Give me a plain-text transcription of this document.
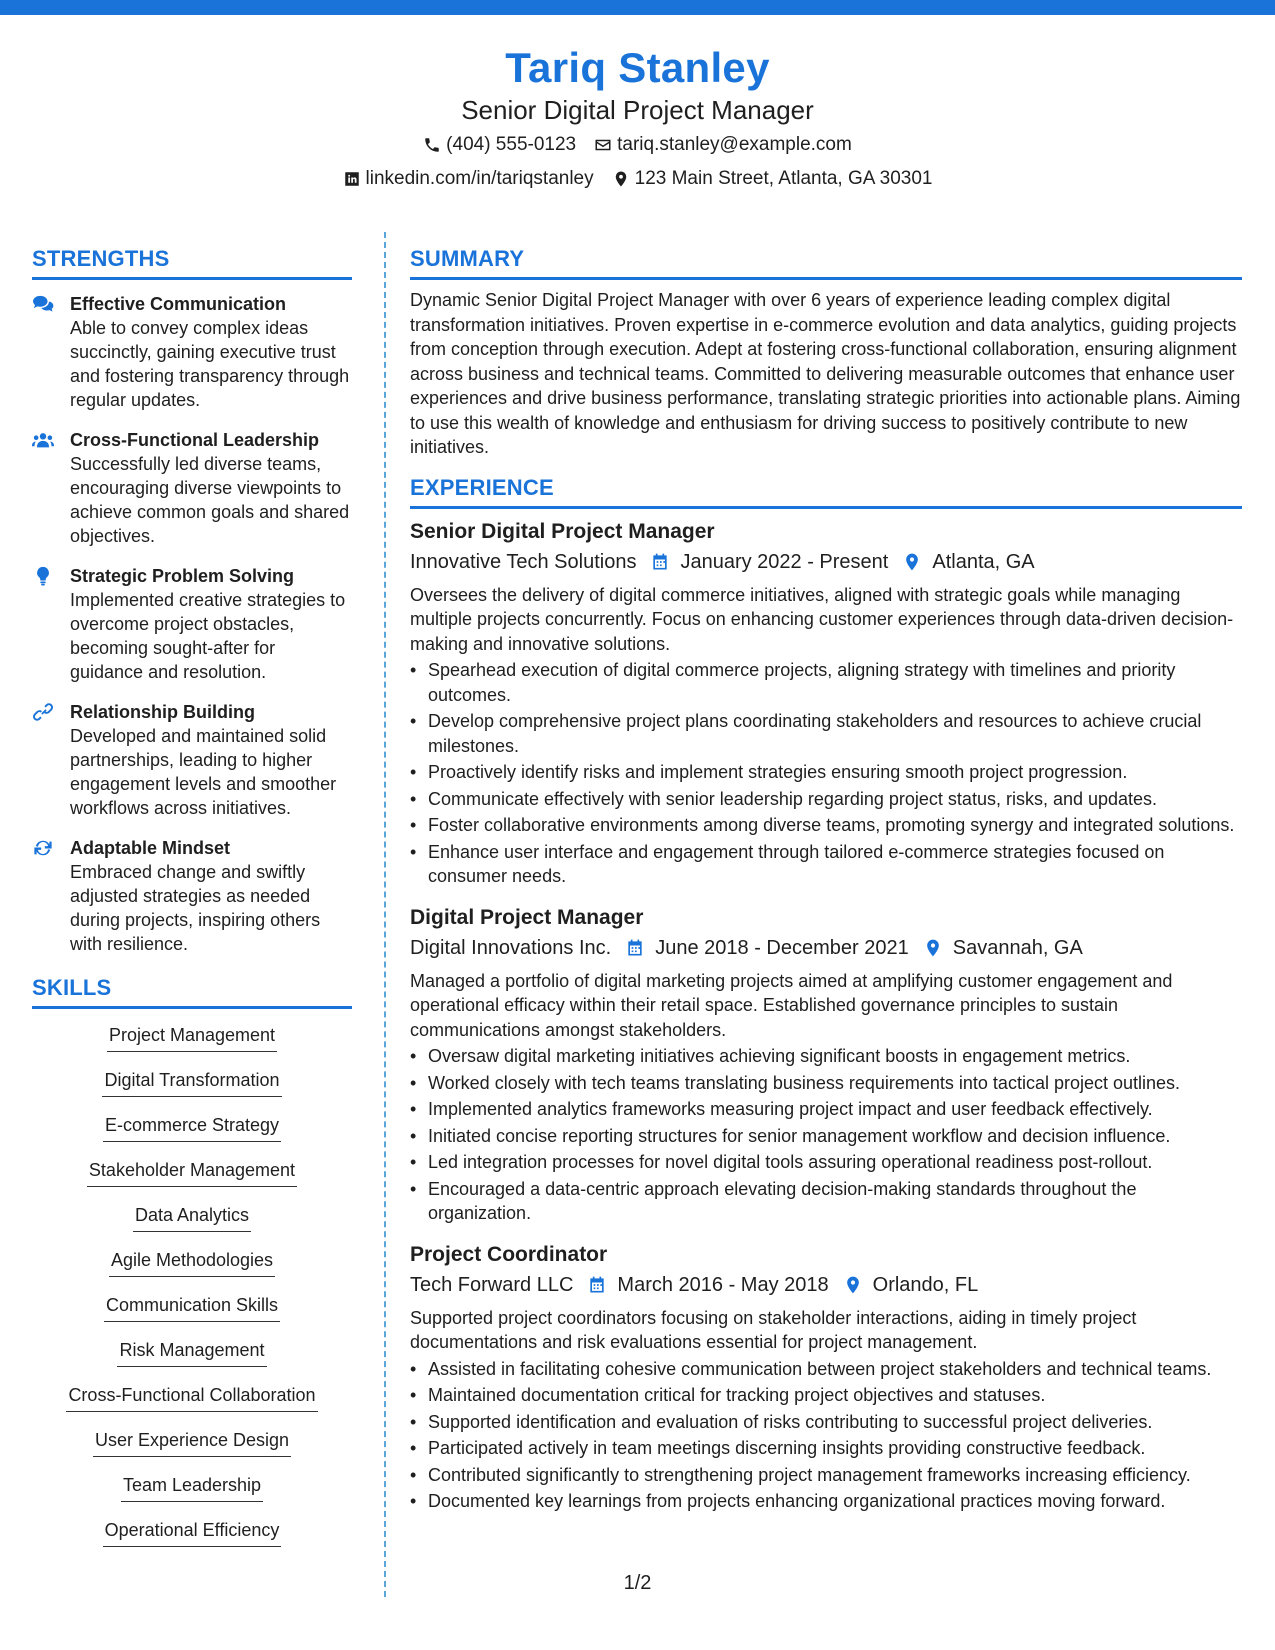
Tariq Stanley
Senior Digital Project Manager
(404) 555-0123 tariq.stanley@example.com
linkedin.com/in/tariqstanley 123 Main Street, Atlanta, GA 30301
STRENGTHS
Effective Communication
Able to convey complex ideas succinctly, gaining executive trust and fostering transparency through regular updates.
Cross-Functional Leadership
Successfully led diverse teams, encouraging diverse viewpoints to achieve common goals and shared objectives.
Strategic Problem Solving
Implemented creative strategies to overcome project obstacles, becoming sought-after for guidance and resolution.
Relationship Building
Developed and maintained solid partnerships, leading to higher engagement levels and smoother workflows across initiatives.
Adaptable Mindset
Embraced change and swiftly adjusted strategies as needed during projects, inspiring others with resilience.
SKILLS
Project Management
Digital Transformation
E-commerce Strategy
Stakeholder Management
Data Analytics
Agile Methodologies
Communication Skills
Risk Management
Cross-Functional Collaboration
User Experience Design
Team Leadership
Operational Efficiency
SUMMARY
Dynamic Senior Digital Project Manager with over 6 years of experience leading complex digital transformation initiatives. Proven expertise in e-commerce evolution and data analytics, guiding projects from conception through execution. Adept at fostering cross-functional collaboration, ensuring alignment across business and technical teams. Committed to delivering measurable outcomes that enhance user experiences and drive business performance, translating strategic priorities into actionable plans. Aiming to use this wealth of knowledge and enthusiasm for driving success to positively contribute to new initiatives.
EXPERIENCE
Senior Digital Project Manager
Innovative Tech Solutions January 2022 - Present Atlanta, GA
Oversees the delivery of digital commerce initiatives, aligned with strategic goals while managing multiple projects concurrently. Focus on enhancing customer experiences through data-driven decision-making and innovative solutions.
• Spearhead execution of digital commerce projects, aligning strategy with timelines and priority outcomes.
• Develop comprehensive project plans coordinating stakeholders and resources to achieve crucial milestones.
• Proactively identify risks and implement strategies ensuring smooth project progression.
• Communicate effectively with senior leadership regarding project status, risks, and updates.
• Foster collaborative environments among diverse teams, promoting synergy and integrated solutions.
• Enhance user interface and engagement through tailored e-commerce strategies focused on consumer needs.
Digital Project Manager
Digital Innovations Inc. June 2018 - December 2021 Savannah, GA
Managed a portfolio of digital marketing projects aimed at amplifying customer engagement and operational efficacy within their retail space. Established governance principles to sustain communications amongst stakeholders.
• Oversaw digital marketing initiatives achieving significant boosts in engagement metrics.
• Worked closely with tech teams translating business requirements into tactical project outlines.
• Implemented analytics frameworks measuring project impact and user feedback effectively.
• Initiated concise reporting structures for senior management workflow and decision influence.
• Led integration processes for novel digital tools assuring operational readiness post-rollout.
• Encouraged a data-centric approach elevating decision-making standards throughout the organization.
Project Coordinator
Tech Forward LLC March 2016 - May 2018 Orlando, FL
Supported project coordinators focusing on stakeholder interactions, aiding in timely project documentations and risk evaluations essential for project management.
• Assisted in facilitating cohesive communication between project stakeholders and technical teams.
• Maintained documentation critical for tracking project objectives and statuses.
• Supported identification and evaluation of risks contributing to successful project deliveries.
• Participated actively in team meetings discerning insights providing constructive feedback.
• Contributed significantly to strengthening project management frameworks increasing efficiency.
• Documented key learnings from projects enhancing organizational practices moving forward.
1/2
